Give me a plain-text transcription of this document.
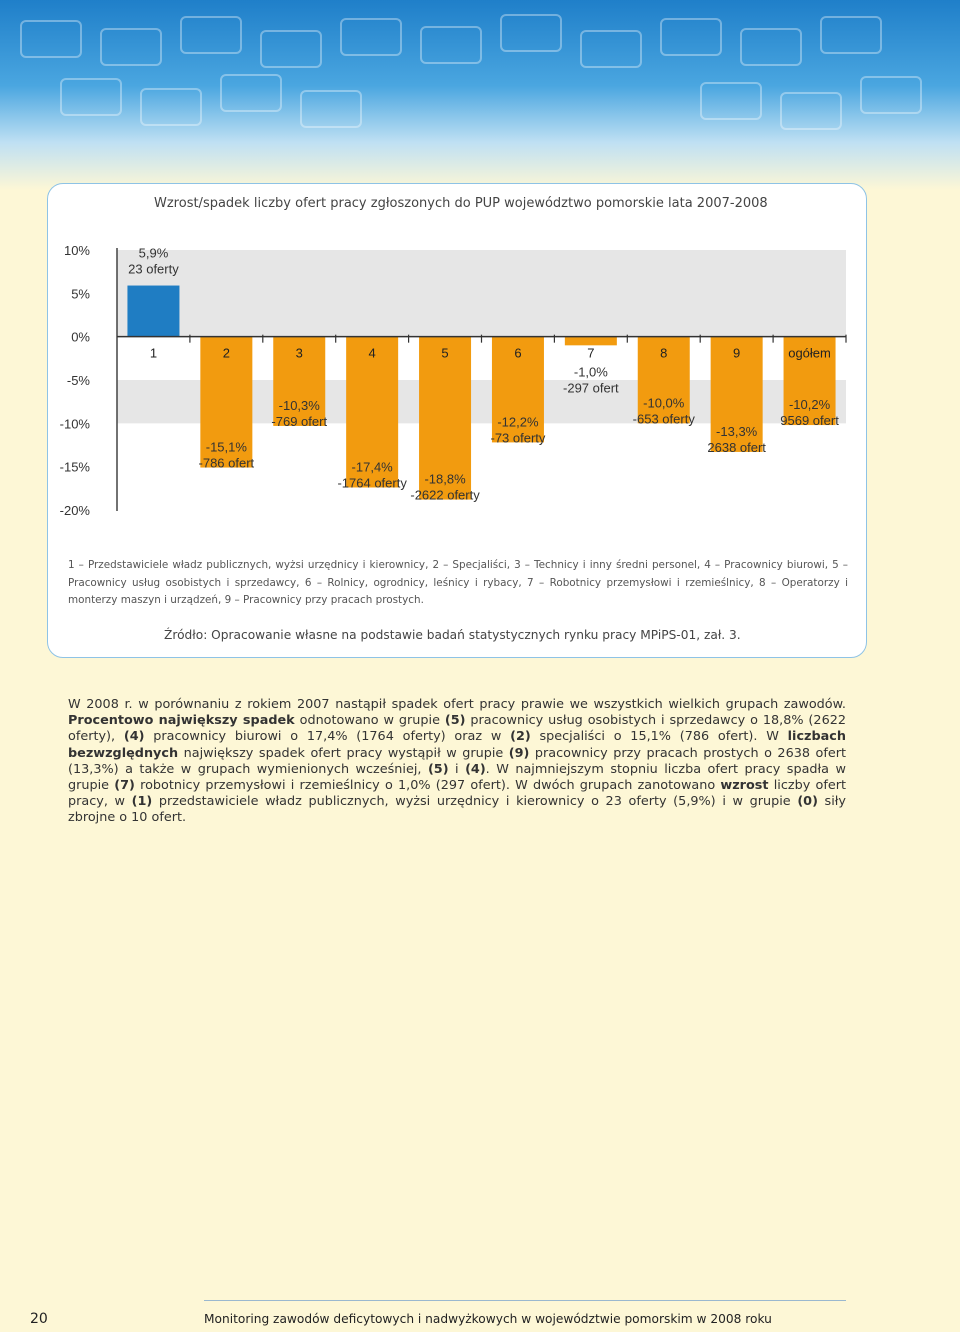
Wzrost/spadek liczby ofert pracy zgłoszonych do PUP województwo pomorskie lata 2007-2008
10%
5%
0%
-5%
-10%
-15%
-20%
1	2	3	4	5	6	7	8	9	ogółem
5,9%
23 oferty
-15,1%
-786 ofert
-10,3%
-769 ofert
-17,4%
-1764 oferty -18,8%
-2622 oferty
-12,2%
-73 oferty
-1,0%
-297 ofert
-10,0%
-653 oferty
-13,3%
2638 ofert
-10,2%
9569 ofert
1 – Przedstawiciele władz publicznych, wyżsi urzędnicy i kierownicy, 2 – Specjaliści, 3 – Technicy i inny średni personel, 4 – Pracownicy biurowi, 5 – Pracownicy usług osobistych i sprzedawcy, 6 – Rolnicy, ogrodnicy, leśnicy i rybacy, 7 – Robotnicy przemysłowi i rzemieślnicy, 8 – Operatorzy i monterzy maszyn i urządzeń, 9 – Pracownicy przy pracach prostych.
Źródło: Opracowanie własne na podstawie badań statystycznych rynku pracy MPiPS-01, zał. 3.
W 2008 r. w porównaniu z rokiem 2007 nastąpił spadek ofert pracy prawie we wszystkich wielkich grupach zawodów. Procentowo największy spadek odnotowano w grupie (5) pracownicy usług osobistych i sprzedawcy o 18,8% (2622 oferty), (4) pracownicy biurowi o 17,4% (1764 oferty) oraz w (2) specjaliści o 15,1% (786 ofert). W liczbach bezwzględnych największy spadek ofert pracy wystąpił w grupie (9) pracownicy przy pracach prostych o 2638 ofert (13,3%) a także w grupach wymienionych wcześniej, (5) i (4). W najmniejszym stopniu liczba ofert pracy spadła w grupie (7) robotnicy przemysłowi i rzemieślnicy o 1,0% (297 ofert). W dwóch grupach zanotowano wzrost liczby ofert pracy, w (1) przedstawiciele władz publicznych, wyżsi urzędnicy i kierownicy o 23 oferty (5,9%) i w grupie (0) siły zbrojne o 10 ofert.
20	Monitoring zawodów deficytowych i nadwyżkowych w województwie pomorskim w 2008 roku
